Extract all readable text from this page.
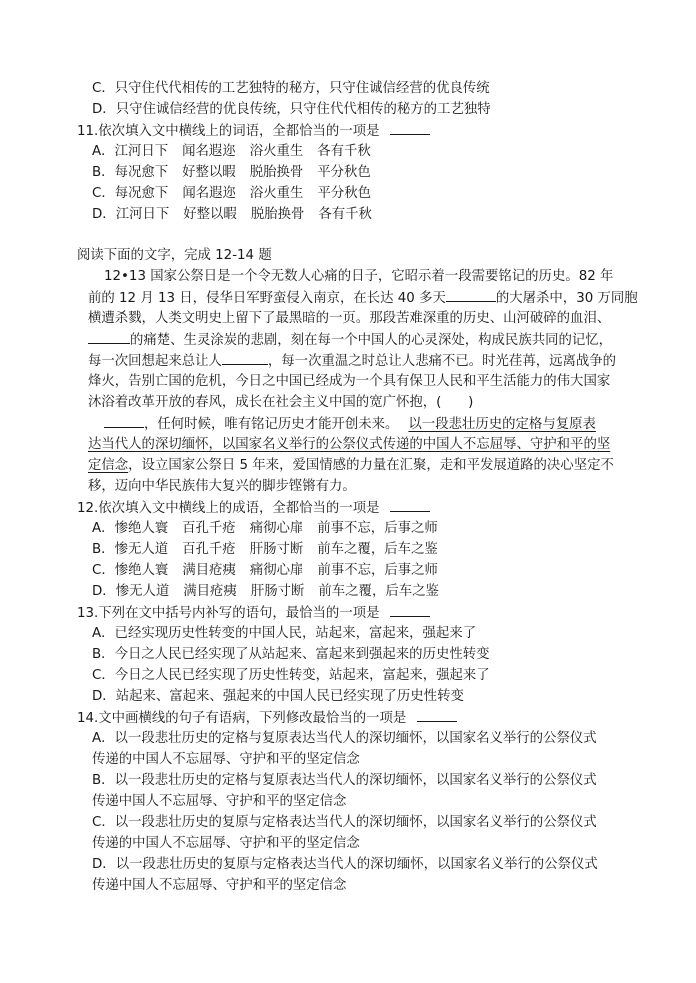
C．只守住代代相传的工艺独特的秘方，只守住诚信经营的优良传统
D．只守住诚信经营的优良传统，只守住代代相传的秘方的工艺独特
11.依次填入文中横线上的词语，全都恰当的一项是
A．江河日下 闻名遐迩 浴火重生 各有千秋
B．每况愈下 好整以暇 脱胎换骨 平分秋色
C．每况愈下 闻名遐迩 浴火重生 平分秋色
D．江河日下 好整以暇 脱胎换骨 各有千秋
阅读下面的文字，完成 12-14 题
12•13 国家公祭日是一个令无数人心痛的日子，它昭示着一段需要铭记的历史。82 年
前的 12 月 13 日，侵华日军野蛮侵入南京，在长达 40 多天	的大屠杀中，30 万同胞
横遭杀戮，人类文明史上留下了最黑暗的一页。那段苦难深重的历史、山河破碎的血泪、
的痛楚、生灵涂炭的悲剧，刻在每一个中国人的心灵深处，构成民族共同的记忆，
每一次回想起来总让人	，每一次重温之时总让人悲痛不已。时光荏苒，远离战争的
烽火，告别亡国的危机，今日之中国已经成为一个具有保卫人民和平生活能力的伟大国家
沐浴着改革开放的春风，成长在社会主义中国的宽广怀抱，(　　)
，任何时候，唯有铭记历史才能开创未来。 以一段悲壮历史的定格与复原表
达当代人的深切缅怀，以国家名义举行的公祭仪式传递的中国人不忘屈辱、守护和平的坚
定信念，设立国家公祭日 5 年来，爱国情感的力量在汇聚，走和平发展道路的决心坚定不
移，迈向中华民族伟大复兴的脚步铿锵有力。
12.依次填入文中横线上的成语，全都恰当的一项是
A．惨绝人寰 百孔千疮 痛彻心扉 前事不忘，后事之师
B．惨无人道 百孔千疮 肝肠寸断 前车之覆，后车之鉴
C．惨绝人寰 满目疮痍 痛彻心扉 前事不忘，后事之师
D．惨无人道 满目疮痍 肝肠寸断 前车之覆，后车之鉴
13.下列在文中括号内补写的语句，最恰当的一项是
A．已经实现历史性转变的中国人民，站起来，富起来，强起来了
B．今日之人民已经实现了从站起来、富起来到强起来的历史性转变
C．今日之人民已经实现了历史性转变，站起来，富起来，强起来了
D．站起来、富起来、强起来的中国人民已经实现了历史性转变
14.文中画横线的句子有语病，下列修改最恰当的一项是
A．以一段悲壮历史的定格与复原表达当代人的深切缅怀，以国家名义举行的公祭仪式
传递的中国人不忘屈辱、守护和平的坚定信念
B．以一段悲壮历史的定格与复原表达当代人的深切缅怀，以国家名义举行的公祭仪式
传递中国人不忘屈辱、守护和平的坚定信念
C．以一段悲壮历史的复原与定格表达当代人的深切缅怀，以国家名义举行的公祭仪式
传递的中国人不忘屈辱、守护和平的坚定信念
D．以一段悲壮历史的复原与定格表达当代人的深切缅怀，以国家名义举行的公祭仪式
传递中国人不忘屈辱、守护和平的坚定信念
